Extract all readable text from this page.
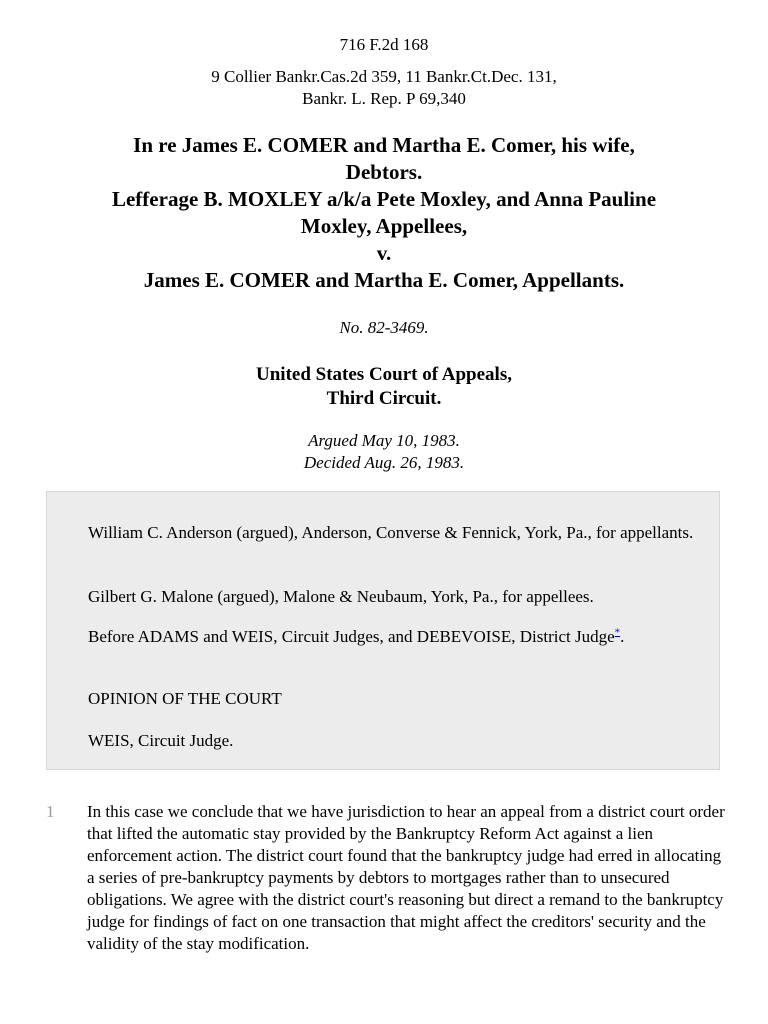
716 F.2d 168
9 Collier Bankr.Cas.2d 359, 11 Bankr.Ct.Dec. 131,
Bankr. L. Rep. P 69,340
In re James E. COMER and Martha E. Comer, his wife,
Debtors.
Lefferage B. MOXLEY a/k/a Pete Moxley, and Anna Pauline
Moxley, Appellees,
v.
James E. COMER and Martha E. Comer, Appellants.
No. 82-3469.
United States Court of Appeals,
Third Circuit.
Argued May 10, 1983.
Decided Aug. 26, 1983.
William C. Anderson (argued), Anderson, Converse & Fennick, York, Pa., for appellants.
Gilbert G. Malone (argued), Malone & Neubaum, York, Pa., for appellees.
Before ADAMS and WEIS, Circuit Judges, and DEBEVOISE, District Judge*.
OPINION OF THE COURT
WEIS, Circuit Judge.
1	In this case we conclude that we have jurisdiction to hear an appeal from a district court order that lifted the automatic stay provided by the Bankruptcy Reform Act against a lien enforcement action. The district court found that the bankruptcy judge had erred in allocating a series of pre-bankruptcy payments by debtors to mortgages rather than to unsecured obligations. We agree with the district court's reasoning but direct a remand to the bankruptcy judge for findings of fact on one transaction that might affect the creditors' security and the validity of the stay modification.
